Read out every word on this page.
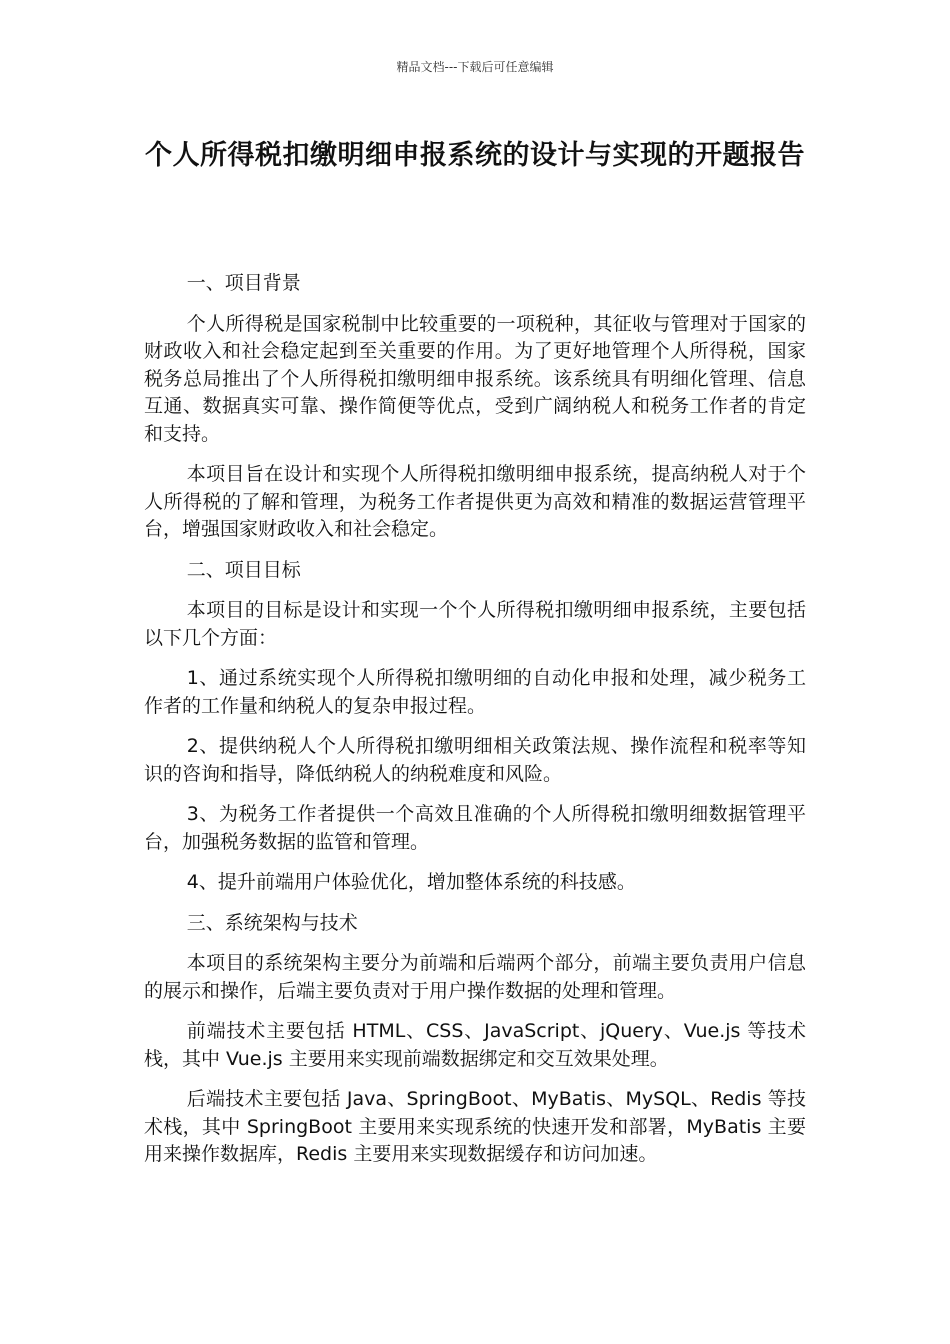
精品文档---下载后可任意编辑
个人所得税扣缴明细申报系统的设计与实现的开题报告

一、项目背景

个人所得税是国家税制中比较重要的一项税种，其征收与管理对于国家的财政收入和社会稳定起到至关重要的作用。为了更好地管理个人所得税，国家税务总局推出了个人所得税扣缴明细申报系统。该系统具有明细化管理、信息互通、数据真实可靠、操作简便等优点，受到广阔纳税人和税务工作者的肯定和支持。

本项目旨在设计和实现个人所得税扣缴明细申报系统，提高纳税人对于个人所得税的了解和管理，为税务工作者提供更为高效和精准的数据运营管理平台，增强国家财政收入和社会稳定。

二、项目目标

本项目的目标是设计和实现一个个人所得税扣缴明细申报系统，主要包括以下几个方面：

1、通过系统实现个人所得税扣缴明细的自动化申报和处理，减少税务工作者的工作量和纳税人的复杂申报过程。

2、提供纳税人个人所得税扣缴明细相关政策法规、操作流程和税率等知识的咨询和指导，降低纳税人的纳税难度和风险。

3、为税务工作者提供一个高效且准确的个人所得税扣缴明细数据管理平台，加强税务数据的监管和管理。

4、提升前端用户体验优化，增加整体系统的科技感。

三、系统架构与技术

本项目的系统架构主要分为前端和后端两个部分，前端主要负责用户信息的展示和操作，后端主要负责对于用户操作数据的处理和管理。

前端技术主要包括 HTML、CSS、JavaScript、jQuery、Vue.js 等技术栈，其中 Vue.js 主要用来实现前端数据绑定和交互效果处理。

后端技术主要包括 Java、SpringBoot、MyBatis、MySQL、Redis 等技术栈，其中 SpringBoot 主要用来实现系统的快速开发和部署，MyBatis 主要用来操作数据库，Redis 主要用来实现数据缓存和访问加速。
